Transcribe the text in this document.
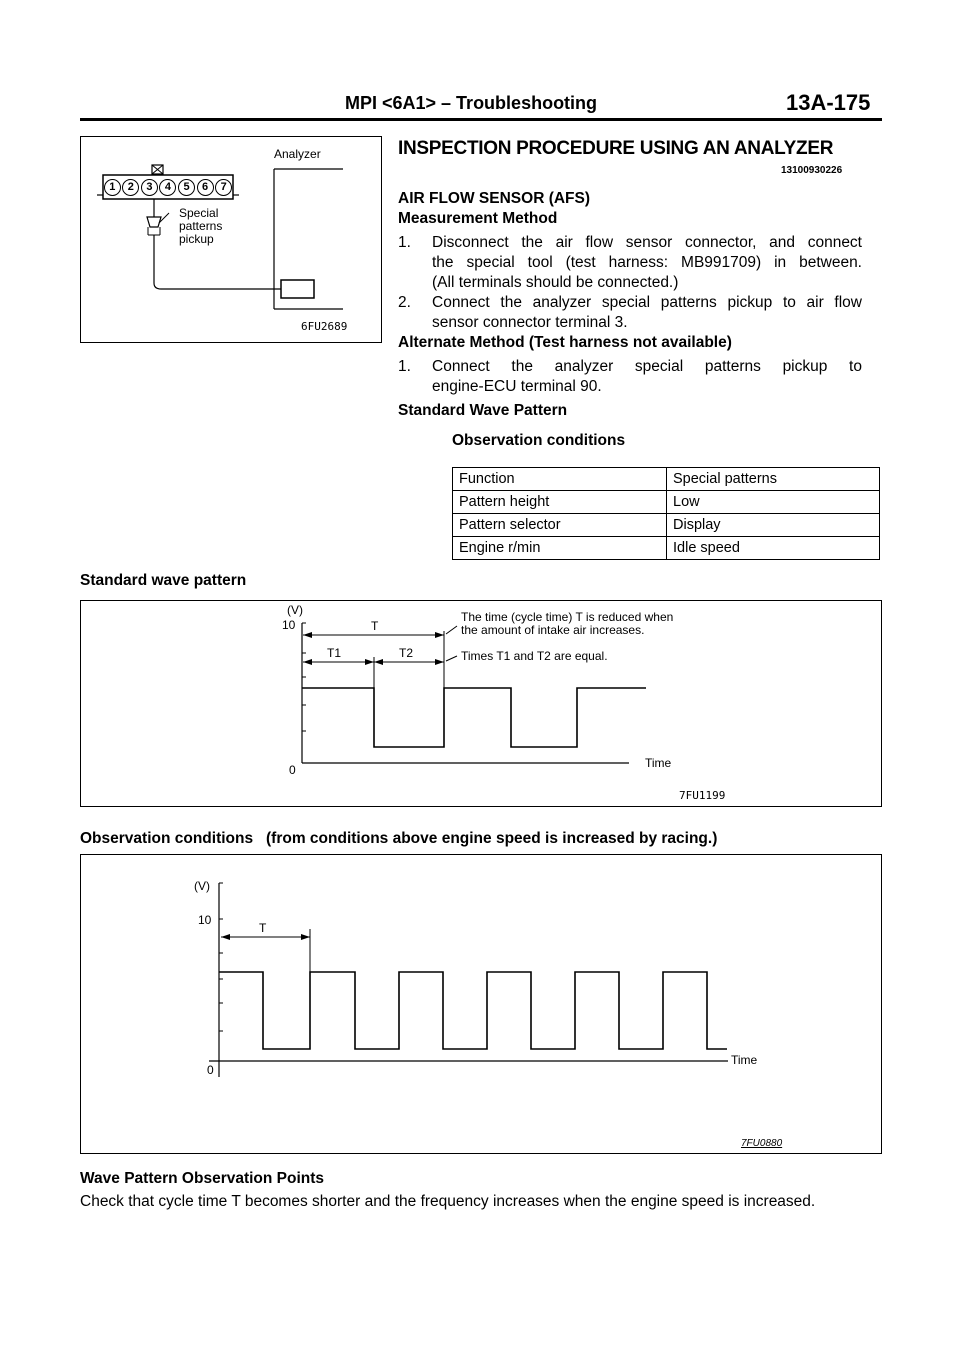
MPI <6A1> – Troubleshooting	13A-175
Analyzer
1	2	3	4	5	6	7
Special
patterns
pickup
6FU2689
INSPECTION PROCEDURE USING AN ANALYZER
13100930226
AIR FLOW SENSOR (AFS)
Measurement Method
1.	Disconnect the air flow sensor connector, and connect
the special tool (test harness: MB991709) in between.
(All terminals should be connected.)
2.	Connect the analyzer special patterns pickup to air flow
sensor connector terminal 3.
Alternate Method (Test harness not available)
1.	Connect the analyzer special patterns pickup to
engine-ECU terminal 90.
Standard Wave Pattern
Observation conditions
Function	Special patterns
Pattern height	Low
Pattern selector	Display
Engine r/min	Idle speed
Standard wave pattern
(V)
10
0
T
T1	T2
The time (cycle time) T is reduced when
the amount of intake air increases.
Times T1 and T2 are equal.
Time
7FU1199
Observation conditions   (from conditions above engine speed is increased by racing.)
(V)
10
0
T
Time
7FU0880
Wave Pattern Observation Points
Check that cycle time T becomes shorter and the frequency increases when the engine speed is increased.
